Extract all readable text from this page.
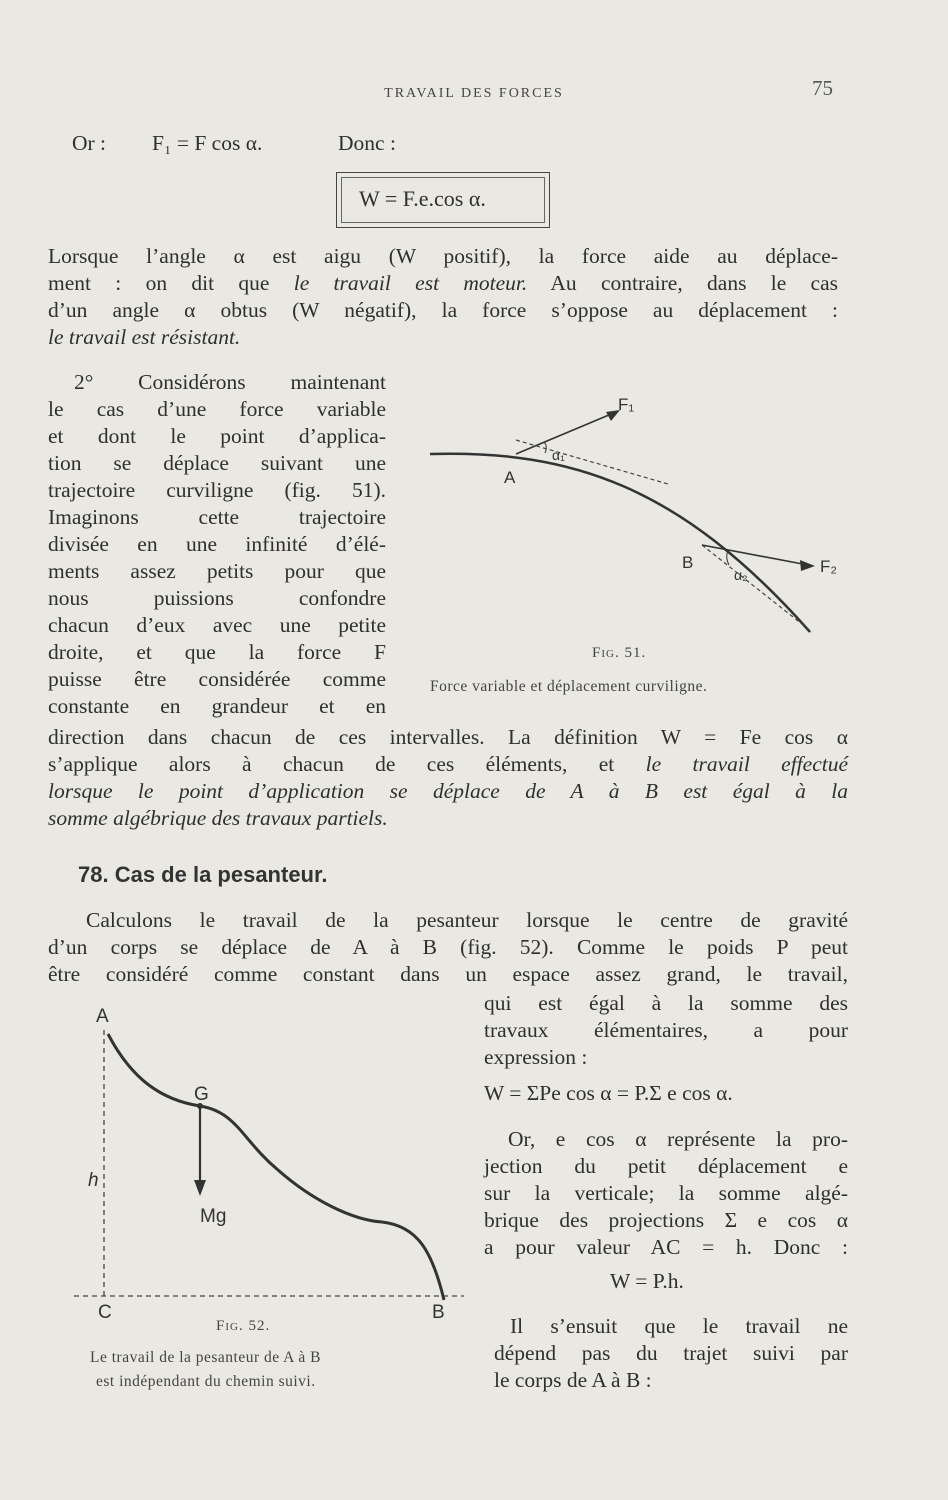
TRAVAIL DES FORCES	75
Or : F₁ = F cos α.	Donc :
W = F.e.cos α.
Lorsque l’angle α est aigu (W positif), la force aide au déplace-
ment : on dit que le travail est moteur. Au contraire, dans le cas
d’un angle α obtus (W négatif), la force s’oppose au déplacement :
le travail est résistant.
2° Considérons maintenant
le cas d’une force variable
et dont le point d’applica-
tion se déplace suivant une
trajectoire curviligne (fig. 51).
Imaginons cette trajectoire
divisée en une infinité d’élé-
ments assez petits pour que
nous puissions confondre
chacun d’eux avec une petite
droite, et que la force F
puisse être considérée comme
constante en grandeur et en
A
F₁
α₁
B	F₂
α₂
Fig. 51.
Force variable et déplacement curviligne.
direction dans chacun de ces intervalles. La définition W = Fe cos α
s’applique alors à chacun de ces éléments, et le travail effectué
lorsque le point d’application se déplace de A à B est égal à la
somme algébrique des travaux partiels.
78. Cas de la pesanteur.
Calculons le travail de la pesanteur lorsque le centre de gravité
d’un corps se déplace de A à B (fig. 52). Comme le poids P peut
être considéré comme constant dans un espace assez grand, le travail,
qui est égal à la somme des
travaux élémentaires, a pour
expression :
W = ΣPe cos α = P.Σ e cos α.
Or, e cos α représente la pro-
jection du petit déplacement e
sur la verticale; la somme algé-
brique des projections Σ e cos α
a pour valeur AC = h. Donc :
W = P.h.
Il s’ensuit que le travail ne
dépend pas du trajet suivi par
le corps de A à B :
A
G
h
Mg
C	B
Fig. 52.
Le travail de la pesanteur de A à B
est indépendant du chemin suivi.
